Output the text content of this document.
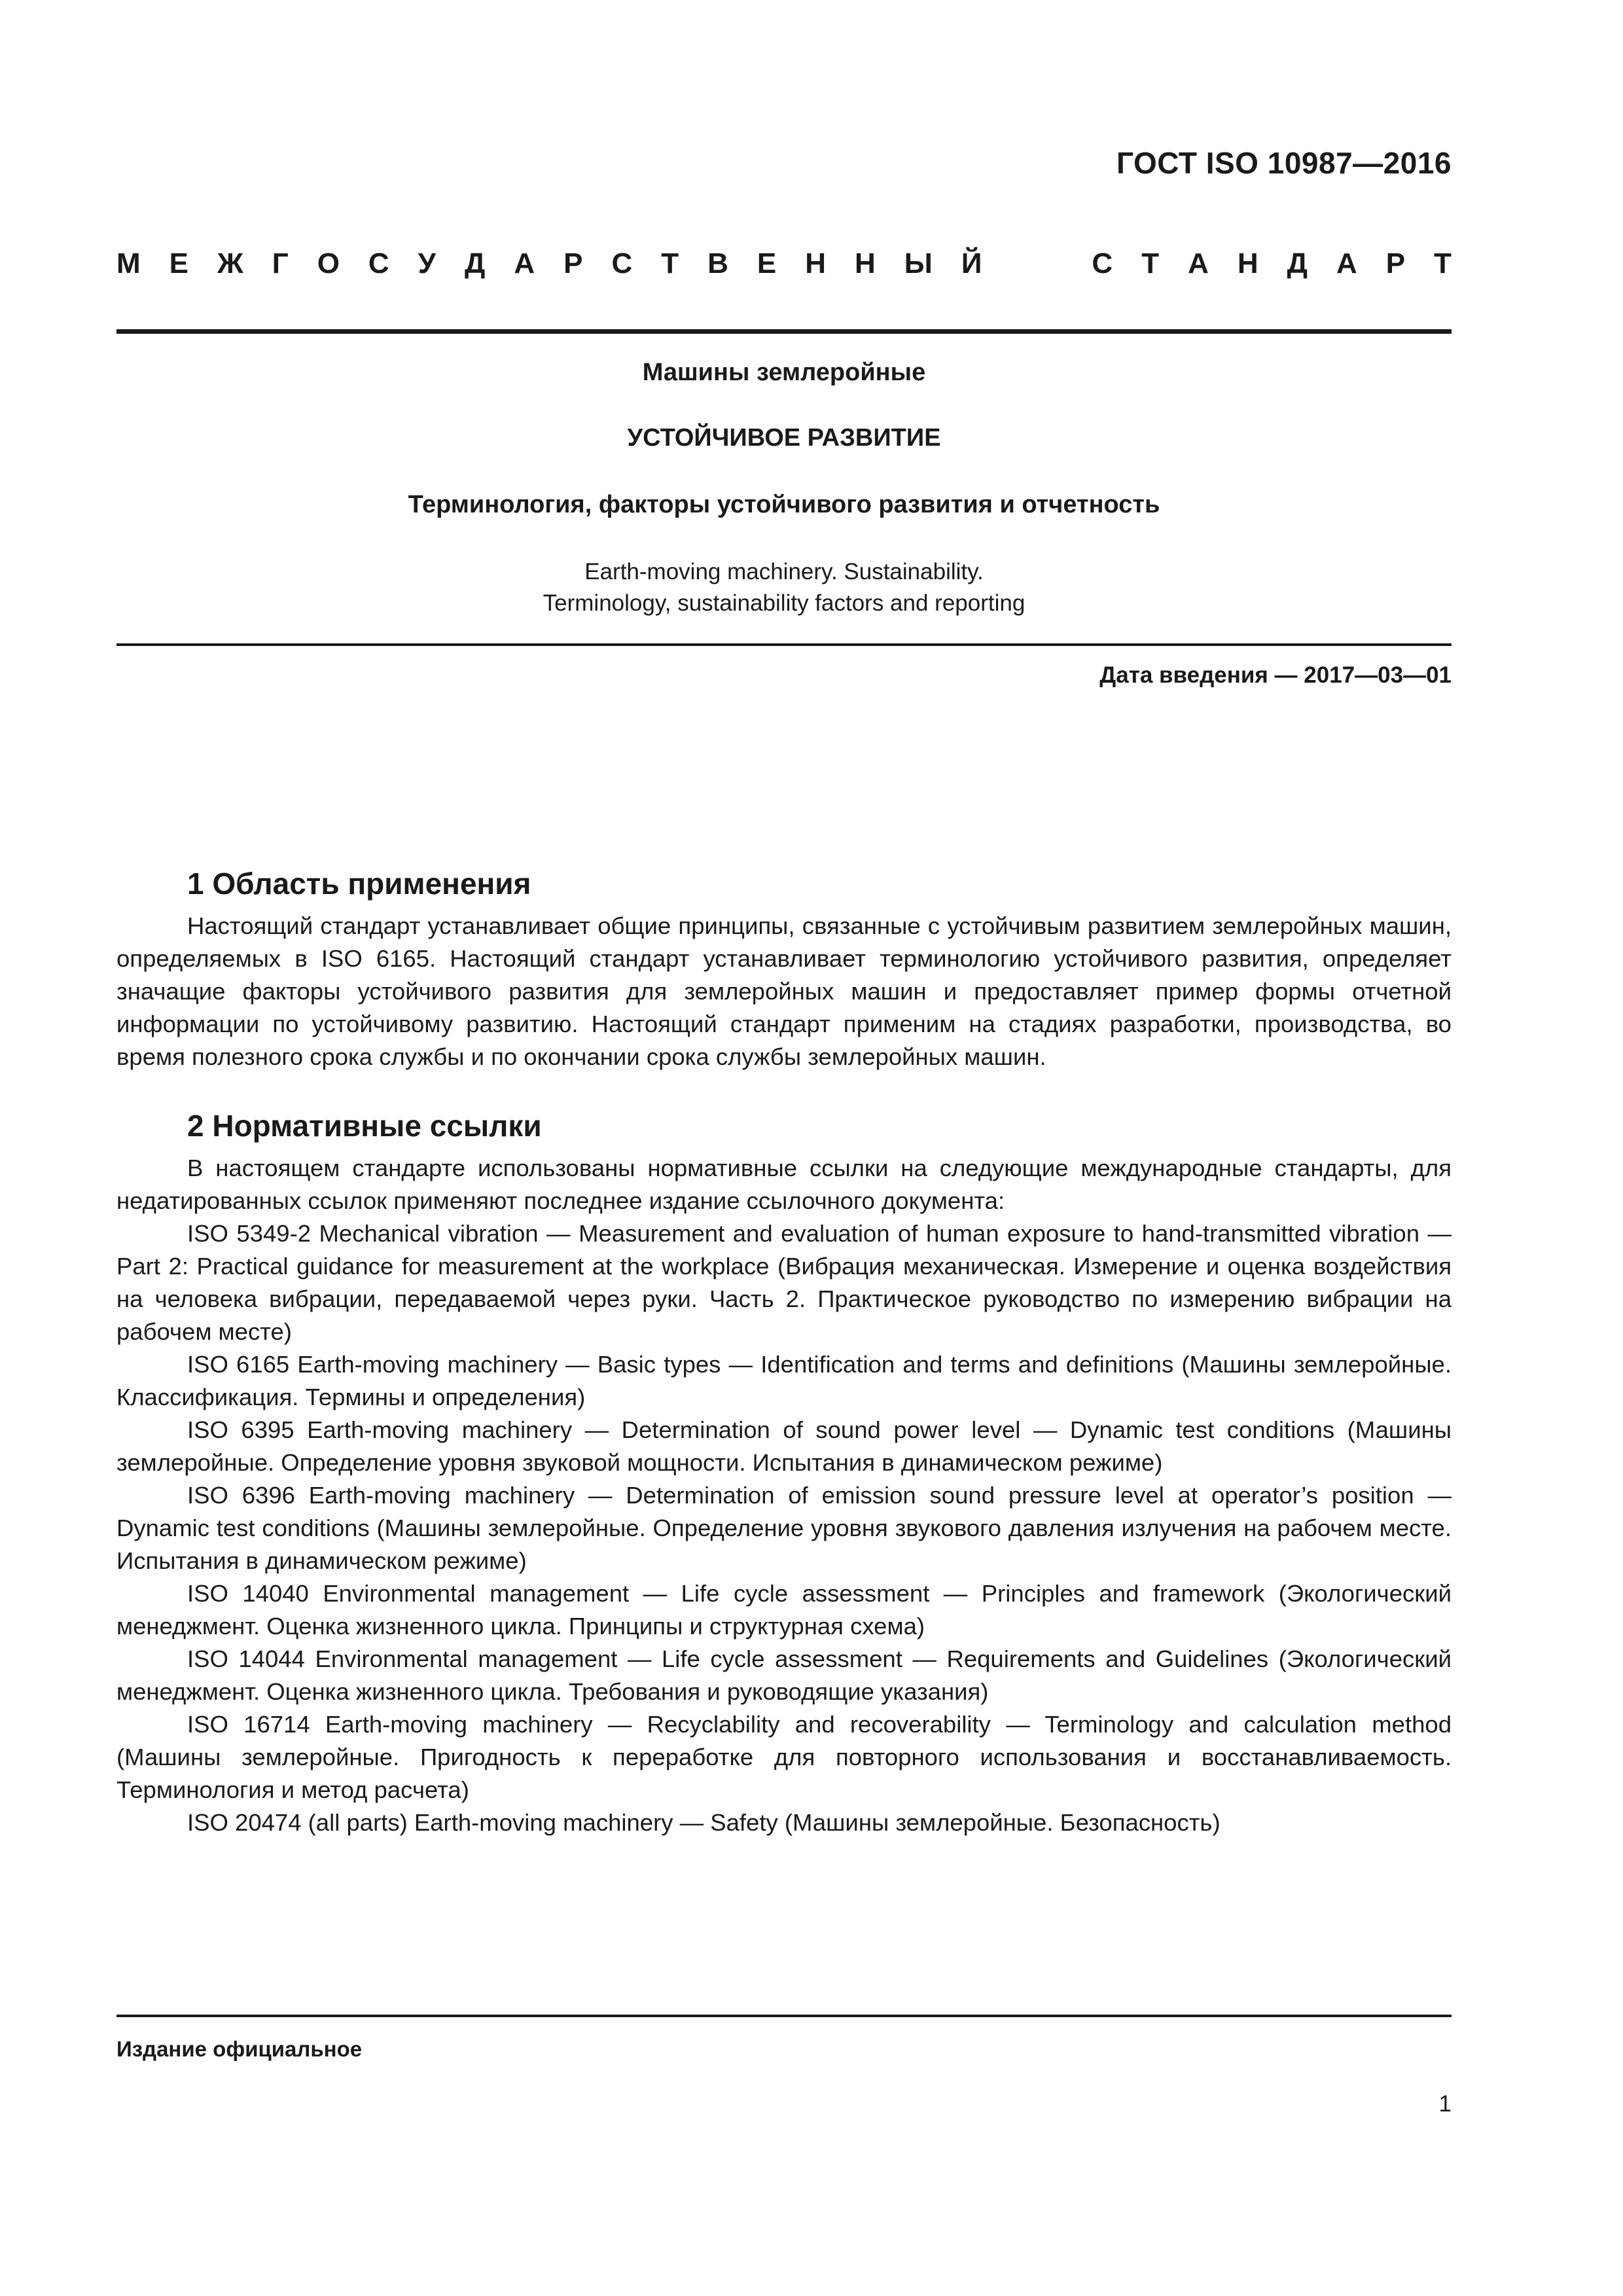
ГОСТ ISO 10987—2016
М Е Ж Г О С У Д А Р С Т В Е Н Н Ы Й	С Т А Н Д А Р Т
Машины землеройные
УСТОЙЧИВОЕ РАЗВИТИЕ
Терминология, факторы устойчивого развития и отчетность
Earth-moving machinery. Sustainability.
Terminology, sustainability factors and reporting
Дата введения — 2017—03—01
1 Область применения

Настоящий стандарт устанавливает общие принципы, связанные с устойчивым развитием землеройных машин, определяемых в ISO 6165. Настоящий стандарт устанавливает терминологию устойчивого развития, определяет значащие факторы устойчивого развития для землеройных машин и предоставляет пример формы отчетной информации по устойчивому развитию. Настоящий стандарт применим на стадиях разработки, производства, во время полезного срока службы и по окончании срока службы землеройных машин.

2 Нормативные ссылки

В настоящем стандарте использованы нормативные ссылки на следующие международные стандарты, для недатированных ссылок применяют последнее издание ссылочного документа:

ISO 5349-2 Mechanical vibration — Measurement and evaluation of human exposure to hand-transmitted vibration — Part 2: Practical guidance for measurement at the workplace (Вибрация механическая. Измерение и оценка воздействия на человека вибрации, передаваемой через руки. Часть 2. Практическое руководство по измерению вибрации на рабочем месте)

ISO 6165 Earth-moving machinery — Basic types — Identification and terms and definitions (Машины землеройные. Классификация. Термины и определения)

ISO 6395 Earth-moving machinery — Determination of sound power level — Dynamic test conditions (Машины землеройные. Определение уровня звуковой мощности. Испытания в динамическом режиме)

ISO 6396 Earth-moving machinery — Determination of emission sound pressure level at operator’s position — Dynamic test conditions (Машины землеройные. Определение уровня звукового давления излучения на рабочем месте. Испытания в динамическом режиме)

ISO 14040 Environmental management — Life cycle assessment — Principles and framework (Экологический менеджмент. Оценка жизненного цикла. Принципы и структурная схема)

ISO 14044 Environmental management — Life cycle assessment — Requirements and Guidelines (Экологический менеджмент. Оценка жизненного цикла. Требования и руководящие указания)

ISO 16714 Earth-moving machinery — Recyclability and recoverability — Terminology and calculation method (Машины землеройные. Пригодность к переработке для повторного использования и восстанавливаемость. Терминология и метод расчета)

ISO 20474 (all parts) Earth-moving machinery — Safety (Машины землеройные. Безопасность)

Издание официальное
1
